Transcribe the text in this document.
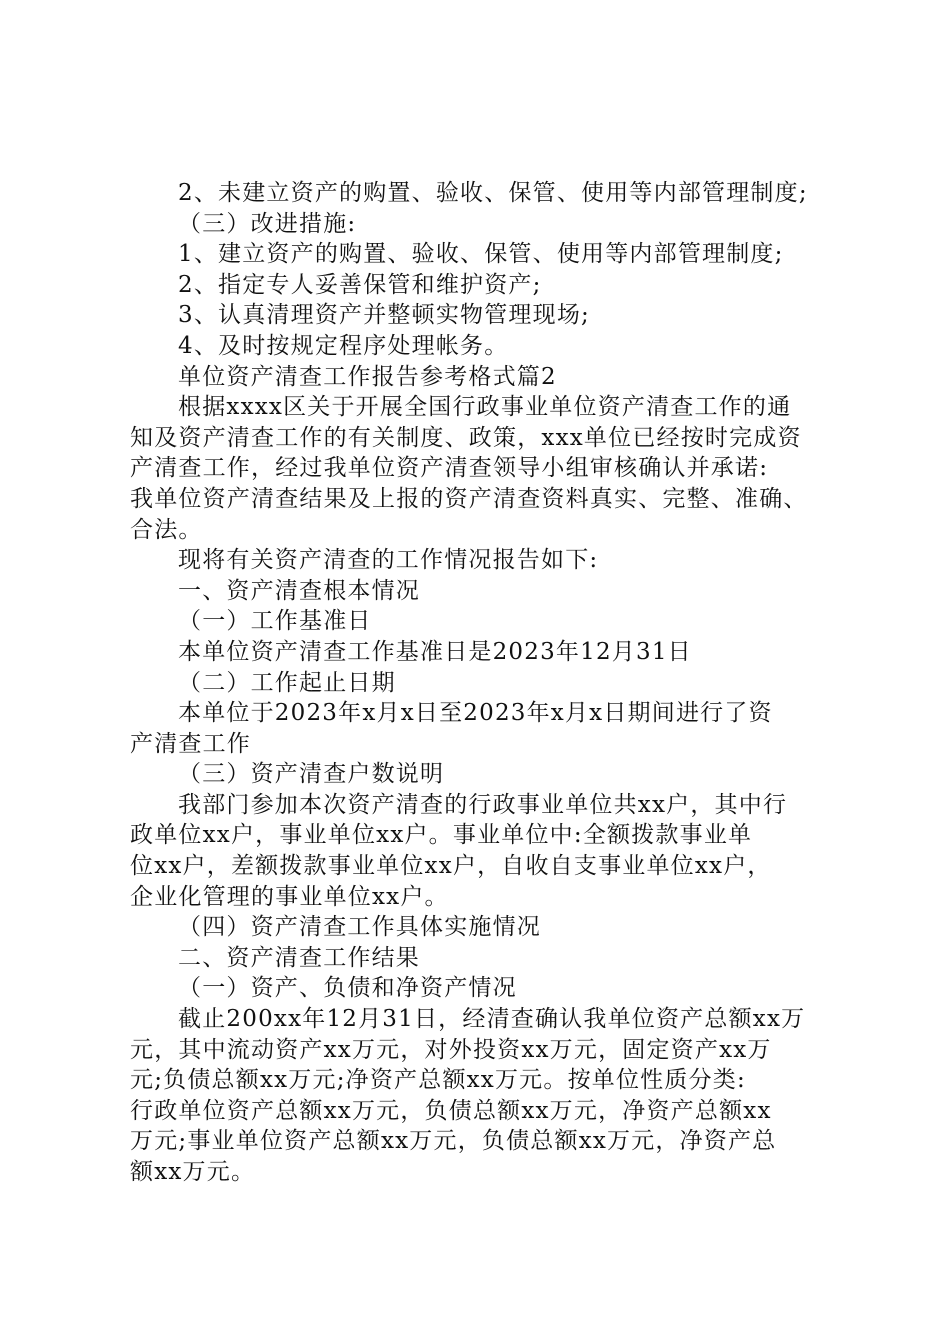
2、未建立资产的购置、验收、保管、使用等内部管理制度;
（三）改进措施:
1、建立资产的购置、验收、保管、使用等内部管理制度;
2、指定专人妥善保管和维护资产;
3、认真清理资产并整顿实物管理现场;
4、及时按规定程序处理帐务。
单位资产清查工作报告参考格式篇2
根据xxxx区关于开展全国行政事业单位资产清查工作的通
知及资产清查工作的有关制度、政策，xxx单位已经按时完成资
产清查工作，经过我单位资产清查领导小组审核确认并承诺:
我单位资产清查结果及上报的资产清查资料真实、完整、准确、
合法。
现将有关资产清查的工作情况报告如下:
一、资产清查根本情况
（一）工作基准日
本单位资产清查工作基准日是2023年12月31日
（二）工作起止日期
本单位于2023年x月x日至2023年x月x日期间进行了资
产清查工作
（三）资产清查户数说明
我部门参加本次资产清查的行政事业单位共xx户，其中行
政单位xx户，事业单位xx户。事业单位中:全额拨款事业单
位xx户，差额拨款事业单位xx户，自收自支事业单位xx户，
企业化管理的事业单位xx户。
（四）资产清查工作具体实施情况
二、资产清查工作结果
（一）资产、负债和净资产情况
截止200xx年12月31日，经清查确认我单位资产总额xx万
元，其中流动资产xx万元，对外投资xx万元，固定资产xx万
元;负债总额xx万元;净资产总额xx万元。按单位性质分类:
行政单位资产总额xx万元，负债总额xx万元，净资产总额xx
万元;事业单位资产总额xx万元，负债总额xx万元，净资产总
额xx万元。
